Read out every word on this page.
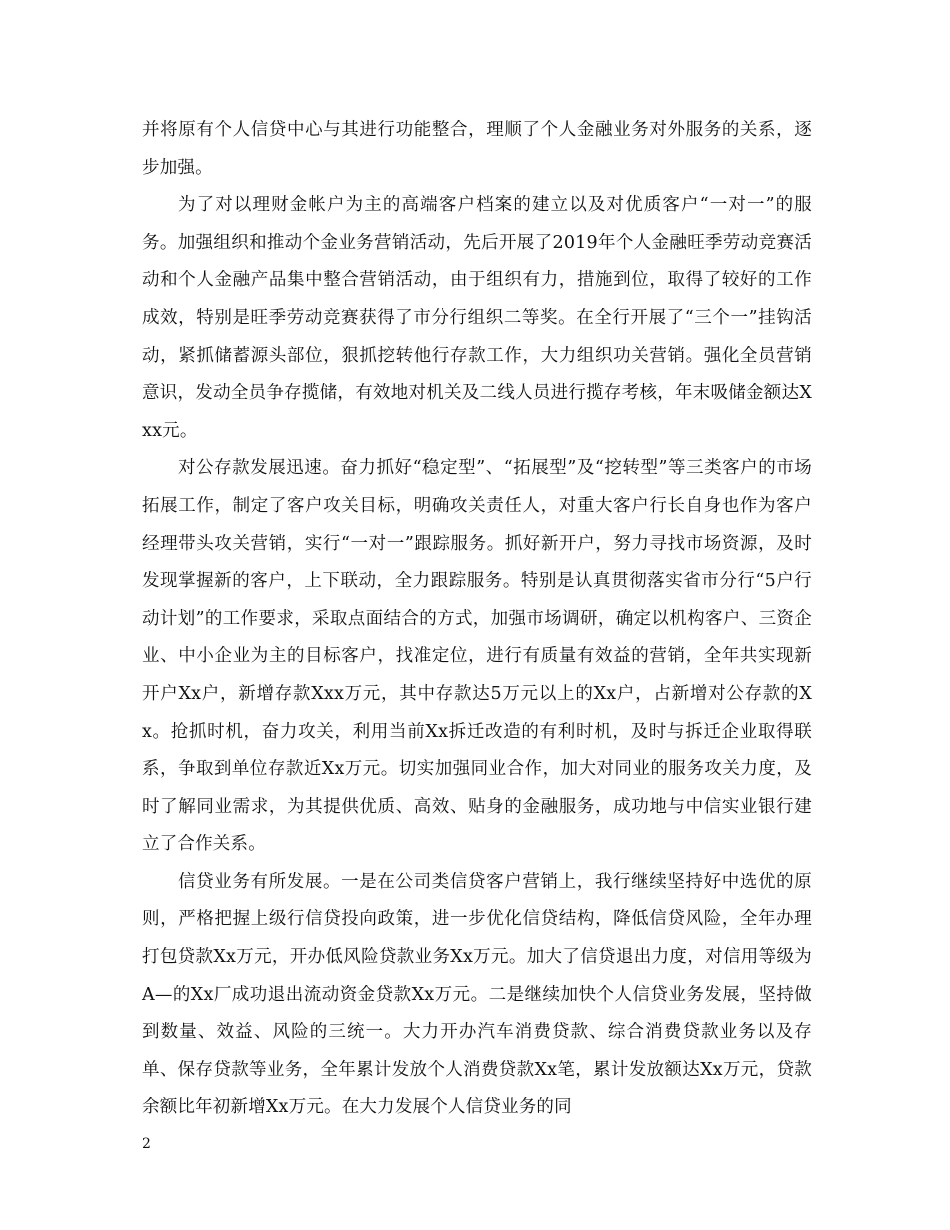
并将原有个人信贷中心与其进行功能整合，理顺了个人金融业务对外服务的关系，逐步加强。

为了对以理财金帐户为主的高端客户档案的建立以及对优质客户“一对一”的服务。加强组织和推动个金业务营销活动，先后开展了2019年个人金融旺季劳动竞赛活动和个人金融产品集中整合营销活动，由于组织有力，措施到位，取得了较好的工作成效，特别是旺季劳动竞赛获得了市分行组织二等奖。在全行开展了“三个一”挂钩活动，紧抓储蓄源头部位，狠抓挖转他行存款工作，大力组织功关营销。强化全员营销意识，发动全员争存揽储，有效地对机关及二线人员进行揽存考核，年末吸储金额达Xxx元。

对公存款发展迅速。奋力抓好“稳定型”、“拓展型”及“挖转型”等三类客户的市场拓展工作，制定了客户攻关目标，明确攻关责任人，对重大客户行长自身也作为客户经理带头攻关营销，实行“一对一”跟踪服务。抓好新开户，努力寻找市场资源，及时发现掌握新的客户，上下联动，全力跟踪服务。特别是认真贯彻落实省市分行“5户行动计划”的工作要求，采取点面结合的方式，加强市场调研，确定以机构客户、三资企业、中小企业为主的目标客户，找准定位，进行有质量有效益的营销，全年共实现新开户Xx户，新增存款Xxx万元，其中存款达5万元以上的Xx户，占新增对公存款的Xx。抢抓时机，奋力攻关，利用当前Xx拆迁改造的有利时机，及时与拆迁企业取得联系，争取到单位存款近Xx万元。切实加强同业合作，加大对同业的服务攻关力度，及时了解同业需求，为其提供优质、高效、贴身的金融服务，成功地与中信实业银行建立了合作关系。

信贷业务有所发展。一是在公司类信贷客户营销上，我行继续坚持好中选优的原则，严格把握上级行信贷投向政策，进一步优化信贷结构，降低信贷风险，全年办理打包贷款Xx万元，开办低风险贷款业务Xx万元。加大了信贷退出力度，对信用等级为A—的Xx厂成功退出流动资金贷款Xx万元。二是继续加快个人信贷业务发展，坚持做到数量、效益、风险的三统一。大力开办汽车消费贷款、综合消费贷款业务以及存单、保存贷款等业务，全年累计发放个人消费贷款Xx笔，累计发放额达Xx万元，贷款余额比年初新增Xx万元。在大力发展个人信贷业务的同

2
